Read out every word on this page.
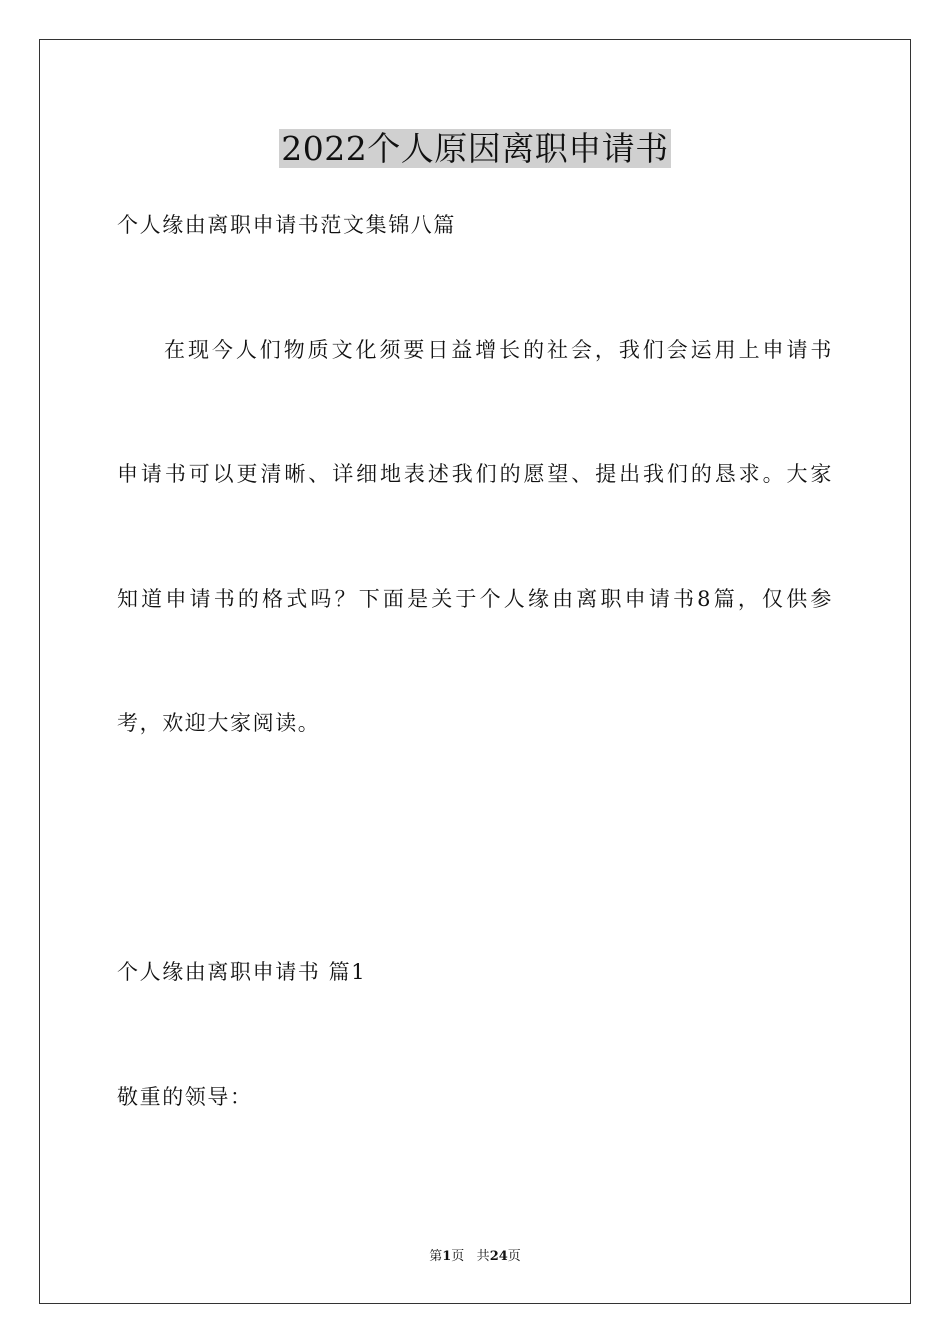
2022个人原因离职申请书
个人缘由离职申请书范文集锦八篇
在现今人们物质文化须要日益增长的社会，我们会运用上申请书
申请书可以更清晰、详细地表述我们的愿望、提出我们的恳求。大家
知道申请书的格式吗？下面是关于个人缘由离职申请书8篇，仅供参
考，欢迎大家阅读。
个人缘由离职申请书 篇1
敬重的领导：
第1页 共24页
